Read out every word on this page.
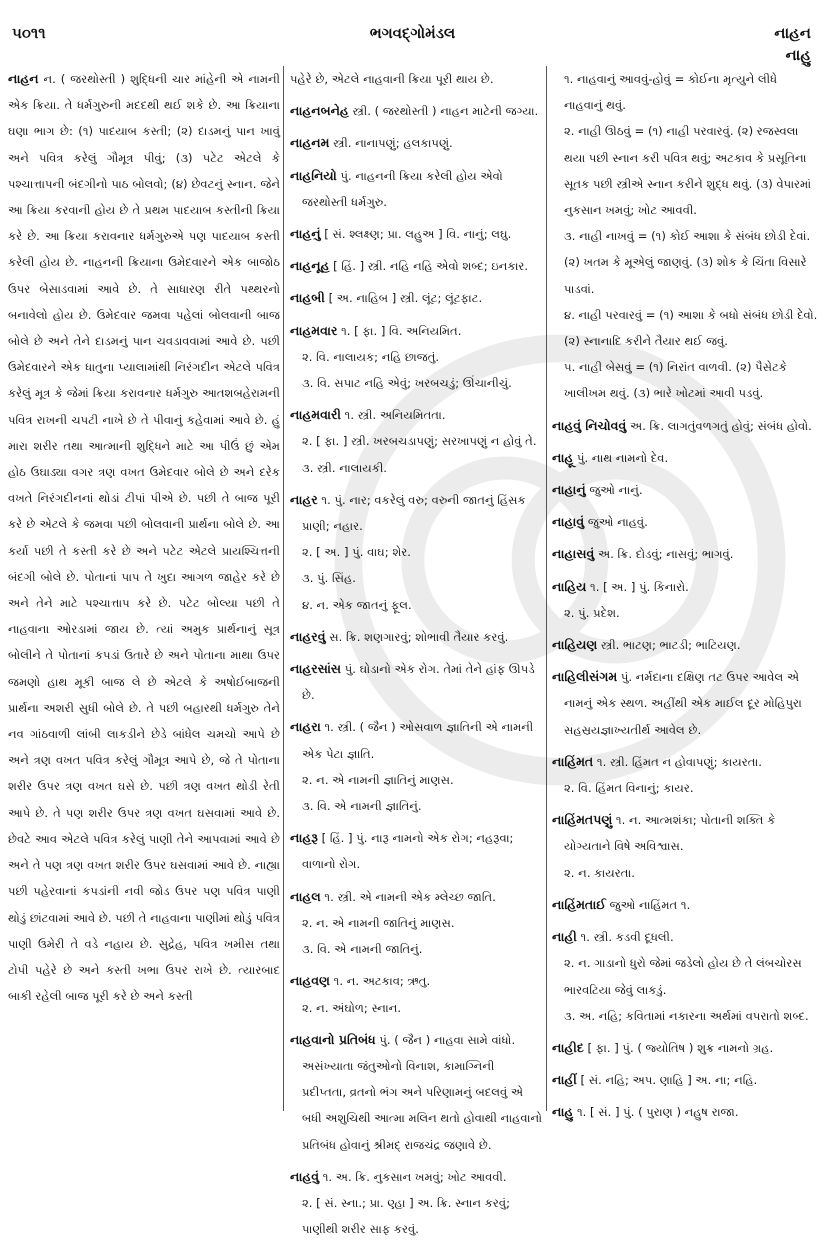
૫૦૧૧	ભગવદ્ગોમંડલ	નાહન
નાહુ

નાહન ન. ( જરથોસ્તી ) શુદ્ધિની ચાર માંહેની એ નામની એક ક્રિયા. તે ધર્મગુરુની મદદથી થઈ શકે છે. આ ક્રિયાના ઘણા ભાગ છે: (૧) પાદયાબ કસ્તી; (૨) દાડમનું પાન ખાવું અને પવિત્ર કરેલું ગૌમૂત્ર પીવું; (૩) પટેટ એટલે કે પશ્ચાત્તાપની બંદગીનો પાઠ બોલવો; (૪) છેવટનું સ્નાન. જેને આ ક્રિયા કરવાની હોય છે તે પ્રથમ પાદયાબ કસ્તીની ક્રિયા કરે છે. આ ક્રિયા કરાવનાર ધર્મગુરુએ પણ પાદયાબ કસ્તી કરેલી હોય છે. નાહનની ક્રિયાના ઉમેદવારને એક બાજોઠ ઉપર બેસાડવામાં આવે છે. તે સાધારણ રીતે પથ્થરનો બનાવેલો હોય છે. ઉમેદવાર જમવા પહેલાં બોલવાની બાજ બોલે છે અને તેને દાડમનું પાન ચવડાવવામાં આવે છે. પછી ઉમેદવારને એક ધાતુના પ્યાલામાંથી નિરંગદીન એટલે પવિત્ર કરેલું મૂત્ર કે જેમાં ક્રિયા કરાવનાર ધર્મગુરુ આતશબહેરામની પવિત્ર રાખની ચપટી નાખે છે તે પીવાનું કહેવામાં આવે છે. હું મારા શરીર તથા આત્માની શુદ્ધિને માટે આ પીઉં છું એમ હોઠ ઉઘાડ્યા વગર ત્રણ વખત ઉમેદવાર બોલે છે અને દરેક વખતે નિરંગદીનનાં થોડાં ટીપાં પીએ છે. પછી તે બાજ પૂરી કરે છે એટલે કે જમવા પછી બોલવાની પ્રાર્થના બોલે છે. આ કર્યા પછી તે કસ્તી કરે છે અને પટેટ એટલે પ્રાયશ્ચિત્તની બંદગી બોલે છે. પોતાનાં પાપ તે ખુદા આગળ જાહેર કરે છે અને તેને માટે પશ્ચાત્તાપ કરે છે. પટેટ બોલ્યા પછી તે નાહવાના ઓરડામાં જાય છે. ત્યાં અમુક પ્રાર્થનાનું સૂત્ર બોલીને તે પોતાનાં કપડાં ઉતારે છે અને પોતાના માથા ઉપર જમણો હાથ મૂકી બાજ લે છે એટલે કે અષોઈબાજની પ્રાર્થના અશરી સુધી બોલે છે. તે પછી બહારથી ધર્મગુરુ તેને નવ ગાંઠવાળી લાંબી લાકડીને છેડે બાંધેલ ચમચો આપે છે અને ત્રણ વખત પવિત્ર કરેલું ગૌમૂત્ર આપે છે, જે તે પોતાના શરીર ઉપર ત્રણ વખત ઘસે છે. પછી ત્રણ વખત થોડી રેતી આપે છે. તે પણ શરીર ઉપર ત્રણ વખત ઘસવામાં આવે છે. છેવટે આવ એટલે પવિત્ર કરેલું પાણી તેને આપવામાં આવે છે અને તે પણ ત્રણ વખત શરીર ઉપર ઘસવામાં આવે છે. નાહ્યા પછી પહેરવાનાં કપડાંની નવી જોડ ઉપર પણ પવિત્ર પાણી થોડું છાંટવામાં આવે છે. પછી તે નાહવાના પાણીમાં થોડું પવિત્ર પાણી ઉમેરી તે વડે નહાય છે. સુદ્રેહ, પવિત્ર ખમીસ તથા ટોપી પહેરે છે અને કસ્તી ખભા ઉપર રાખે છે. ત્યારબાદ બાકી રહેલી બાજ પૂરી કરે છે અને કસ્તી

પહેરે છે, એટલે નાહવાની ક્રિયા પૂરી થાય છે.
નાહનબનેહ સ્ત્રી. ( જરથોસ્તી ) નાહન માટેની જગ્યા.
નાહનમ સ્ત્રી. નાનાપણું; હલકાપણું.
નાહનિયો પું. નાહનની ક્રિયા કરેલી હોય એવો જરથોસ્તી ધર્મગુરુ.
નાહનું [ સં. શ્લક્ષ્ણ; પ્રા. લહુઅ ] વિ. નાનું; લઘુ.
નાહનૂહ [ હિં. ] સ્ત્રી. નહિ નહિ એવો શબ્દ; ઇનકાર.
નાહબી [ અ. નાહિબ ] સ્ત્રી. લૂંટ; લૂંટફાટ.
નાહમવાર ૧. [ ફા. ] વિ. અનિયમિત.
૨. વિ. નાલાયક; નહિ છાજતું.
૩. વિ. સપાટ નહિ એવું; ખરબચડું; ઊંચાનીચું.
નાહમવારી ૧. સ્ત્રી. અનિયમિતતા.
૨. [ ફા. ] સ્ત્રી. ખરબચડાપણું; સરખાપણું ન હોવું તે.
૩. સ્ત્રી. નાલાયકી.
નાહર ૧. પું. નાર; વકરેલું વરુ; વરુની જાતનું હિંસક પ્રાણી; નહાર.
૨. [ અ. ] પું. વાઘ; શેર.
૩. પું. સિંહ.
૪. ન. એક જાતનું ફૂલ.
નાહરવું સ. ક્રિ. શણગારવું; શોભાવી તૈયાર કરવું.
નાહરસાંસ પું. ઘોડાનો એક રોગ. તેમાં તેને હાંફ ઊપડે છે.
નાહરા ૧. સ્ત્રી. ( જૈન ) ઓસવાળ જ્ઞાતિની એ નામની એક પેટા જ્ઞાતિ.
૨. ન. એ નામની જ્ઞાતિનું માણસ.
૩. વિ. એ નામની જ્ઞાતિનું.
નાહરૂ [ હિં. ] પું. નારૂ નામનો એક રોગ; નહરૂવા; વાળાનો રોગ.
નાહલ ૧. સ્ત્રી. એ નામની એક મ્લેચ્છ જાતિ.
૨. ન. એ નામની જાતિનું માણસ.
૩. વિ. એ નામની જાતિનું.
નાહવણ ૧. ન. અટકાવ; ઋતુ.
૨. ન. અંઘોળ; સ્નાન.
નાહવાનો પ્રતિબંધ પું. ( જૈન ) નાહવા સામે વાંધો. અસંખ્યાતા જંતુઓનો વિનાશ, કામાગ્નિની પ્રદીપ્તતા, વ્રતનો ભંગ અને પરિણામનું બદલવું એ બધી અશુચિથી આત્મા મલિન થતો હોવાથી નાહવાનો પ્રતિબંધ હોવાનું શ્રીમદ્ રાજચંદ્ર જણાવે છે.
નાહવું ૧. અ. ક્રિ. નુકસાન ખમવું; ખોટ આવવી.
૨. [ સં. સ્ના.; પ્રા. ણ્હા ] અ. ક્રિ. સ્નાન કરવું; પાણીથી શરીર સાફ કરવું.
૧. નાહવાનું આવવું-હોવું = કોઈના મૃત્યુને લીધે નાહવાનું થવું.
૨. નાહી ઊઠવું = (૧) નાહી પરવારવું. (૨) રજસ્વલા થયા પછી સ્નાન કરી પવિત્ર થવું; અટકાવ કે પ્રસૂતિના સૂતક પછી સ્ત્રીએ સ્નાન કરીને શુદ્ધ થવું. (૩) વેપારમાં નુકસાન ખમવું; ખોટ આવવી.
૩. નાહી નાખવું = (૧) કોઈ આશા કે સંબંધ છોડી દેવાં. (૨) ખતમ કે મૂએલું જાણવું. (૩) શોક કે ચિંતા વિસારે પાડવાં.
૪. નાહી પરવારવું = (૧) આશા કે બધો સંબંધ છોડી દેવો. (૨) સ્નાનાદિ કરીને તૈયાર થઈ જવું.
૫. નાહી બેસવું = (૧) નિરાંત વાળવી. (૨) પૈસેટકે ખાલીખમ થવું. (૩) ભારે ખોટમાં આવી પડવું.
નાહવું નિચોવવું અ. ક્રિ. લાગતુંવળગતું હોવું; સંબંધ હોવો.
નાહૂ પું. નાથ નામનો દેવ.
નાહાનું જુઓ નાનું.
નાહાવું જુઓ નાહવું.
નાહાસવું અ. ક્રિ. દોડવું; નાસવું; ભાગવું.
નાહિય ૧. [ અ. ] પું. કિનારો.
૨. પું. પ્રદેશ.
નાહિયણ સ્ત્રી. ભાટણ; ભાટડી; ભાટિયણ.
નાહિલીસંગમ પું. નર્મદાના દક્ષિણ તટ ઉપર આવેલ એ નામનું એક સ્થળ. અહીંથી એક માઈલ દૂર મોહિપુરા સહસ્રયજ્ઞાખ્યતીર્થ આવેલ છે.
નાહિંમત ૧. સ્ત્રી. હિંમત ન હોવાપણું; કાયરતા.
૨. વિ. હિંમત વિનાનું; કાયર.
નાહિંમતપણું ૧. ન. આત્મશંકા; પોતાની શક્તિ કે યોગ્યતાને વિષે અવિશ્વાસ.
૨. ન. કાયરતા.
નાહિંમતાઈ જુઓ નાહિંમત ૧.
નાહી ૧. સ્ત્રી. કડવી દૂધલી.
૨. ન. ગાડાનો ધુરો જેમાં જડેલો હોય છે તે લંબચોરસ ભારવટિયા જેવું લાકડું.
૩. અ. નહિ; કવિતામાં નકારના અર્થમાં વપરાતો શબ્દ.
નાહીદ [ ફા. ] પું. ( જ્યોતિષ ) શુક્ર નામનો ગ્રહ.
નાહીં [ સં. નહિ; અપ. ણાહિ ] અ. ના; નહિ.
નાહુ ૧. [ સં. ] પું. ( પુરાણ ) નહુષ રાજા.
